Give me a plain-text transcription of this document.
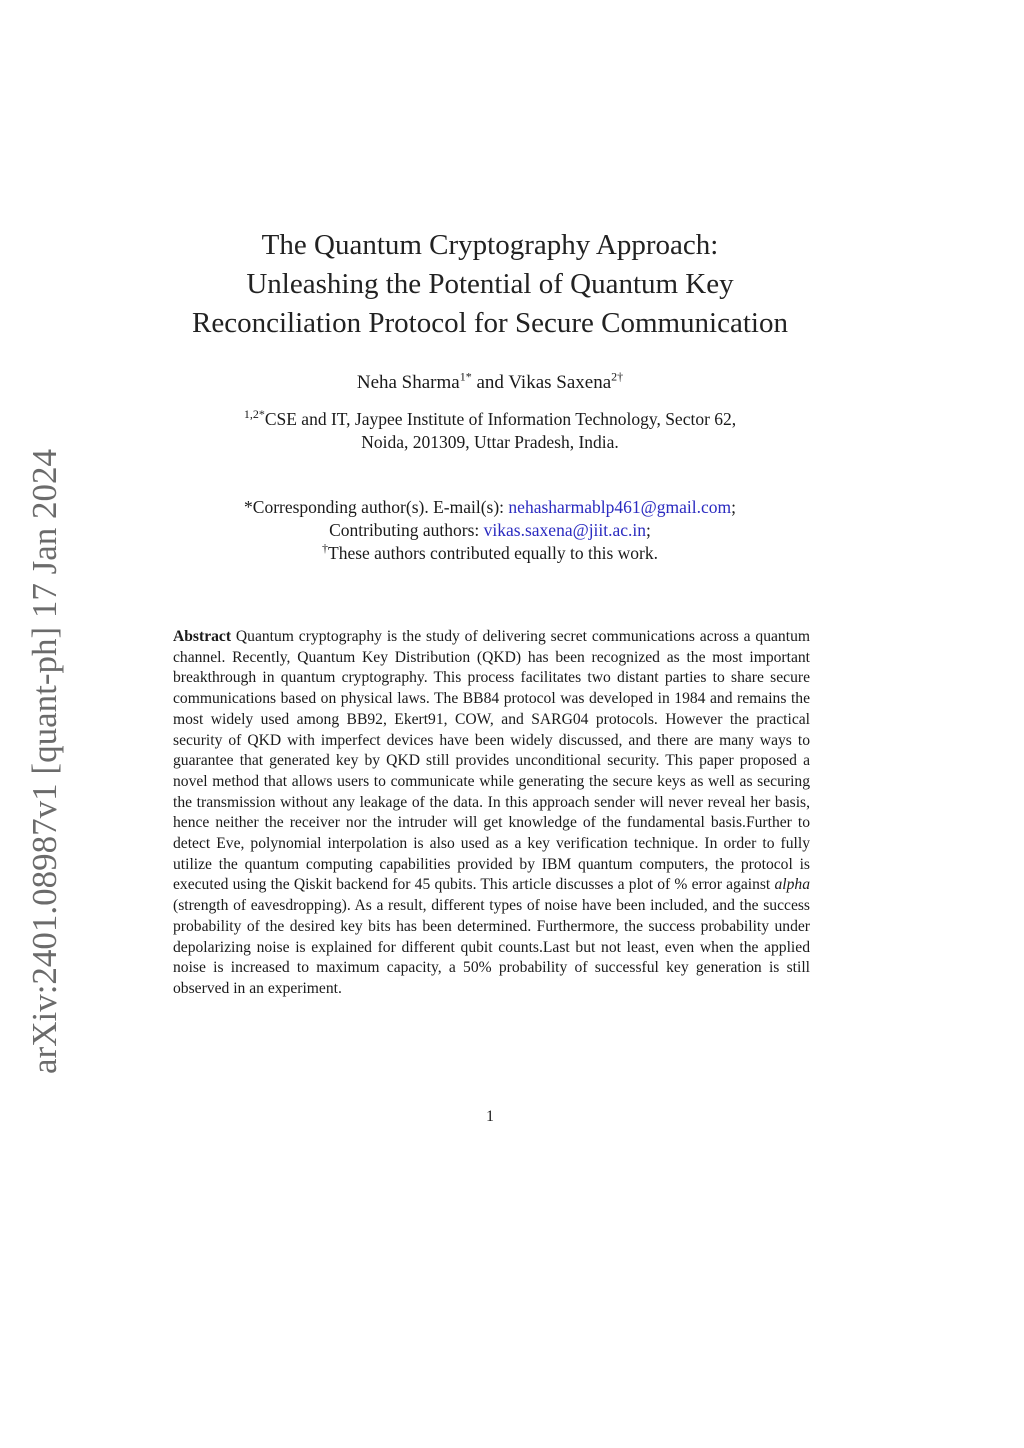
arXiv:2401.08987v1 [quant-ph] 17 Jan 2024
The Quantum Cryptography Approach:
Unleashing the Potential of Quantum Key
Reconciliation Protocol for Secure Communication
Neha Sharma$^{1*}$ and Vikas Saxena$^{2\dagger}$
$^{1,2*}$CSE and IT, Jaypee Institute of Information Technology, Sector 62,
Noida, 201309, Uttar Pradesh, India.
*Corresponding author(s). E-mail(s): nehasharmablp461@gmail.com;
Contributing authors: vikas.saxena@jiit.ac.in;
†These authors contributed equally to this work.
Abstract Quantum cryptography is the study of delivering secret communications across a quantum channel. Recently, Quantum Key Distribution (QKD) has been recognized as the most important breakthrough in quantum cryptography. This process facilitates two distant parties to share secure communications based on physical laws. The BB84 protocol was developed in 1984 and remains the most widely used among BB92, Ekert91, COW, and SARG04 protocols. However the practical security of QKD with imperfect devices have been widely discussed, and there are many ways to guarantee that generated key by QKD still provides unconditional security. This paper proposed a novel method that allows users to communicate while generating the secure keys as well as securing the transmission without any leakage of the data. In this approach sender will never reveal her basis, hence neither the receiver nor the intruder will get knowledge of the fundamental basis.Further to detect Eve, polynomial interpolation is also used as a key verification technique. In order to fully utilize the quantum computing capabilities provided by IBM quantum computers, the protocol is executed using the Qiskit backend for 45 qubits. This article discusses a plot of % error against alpha (strength of eavesdropping). As a result, different types of noise have been included, and the success probability of the desired key bits has been determined. Furthermore, the success probability under depolarizing noise is explained for different qubit counts.Last but not least, even when the applied noise is increased to maximum capacity, a 50% probability of successful key generation is still observed in an experiment.
1
